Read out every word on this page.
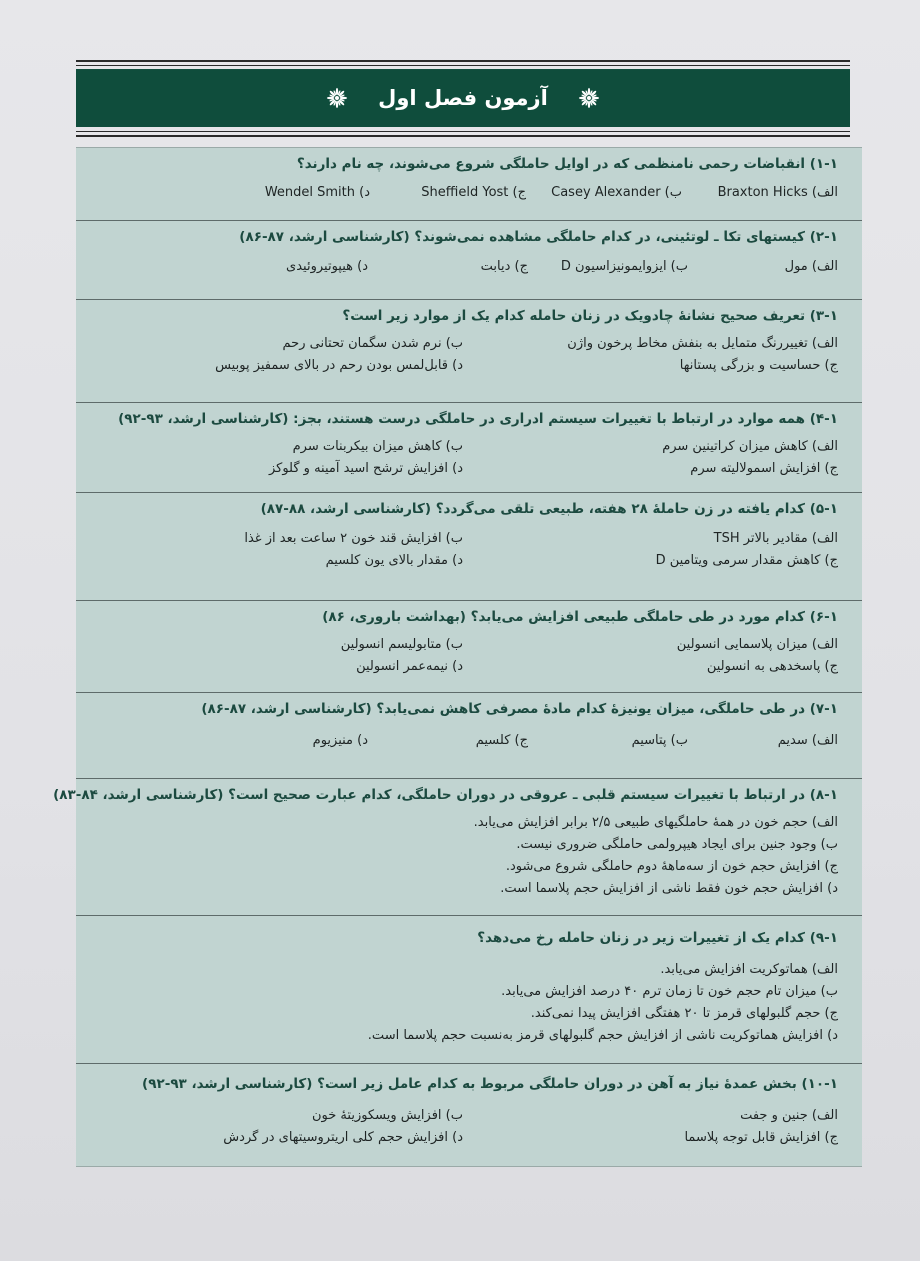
آزمون فصل اول
۱-۱) انقباضات رحمی نامنظمی که در اوایل حاملگی شروع می‌شوند، چه نام دارند؟
الف) Braxton Hicks
ب) Casey Alexander
ج) Sheffield Yost
د) Wendel Smith
۲-۱) کیستهای تکا ـ لوتئینی، در کدام حاملگی مشاهده نمی‌شوند؟ (کارشناسی ارشد، ۸۷-۸۶)
الف) مول
ب) ایزوایمونیزاسیون D
ج) دیابت
د) هیپوتیروئیدی
۳-۱) تعریف صحیح نشانهٔ چادویک در زنان حامله کدام یک از موارد زیر است؟
الف) تغییررنگ متمایل به بنفش مخاط پرخون واژن
ب) نرم شدن سگمان تحتانی رحم
ج) حساسیت و بزرگی پستانها
د) قابل‌لمس بودن رحم در بالای سمفیز پوبیس
۴-۱) همه موارد در ارتباط با تغییرات سیستم ادراری در حاملگی درست هستند، بجز: (کارشناسی ارشد، ۹۳-۹۲)
الف) کاهش میزان کراتینین سرم
ب) کاهش میزان بیکربنات سرم
ج) افزایش اسمولالیته سرم
د) افزایش ترشح اسید آمینه و گلوکز
۵-۱) کدام یافته در زن حاملهٔ ۲۸ هفته، طبیعی تلقی می‌گردد؟ (کارشناسی ارشد، ۸۸-۸۷)
الف) مقادیر بالاتر TSH
ب) افزایش قند خون ۲ ساعت بعد از غذا
ج) کاهش مقدار سرمی ویتامین D
د) مقدار بالای یون کلسیم
۶-۱) کدام مورد در طی حاملگی طبیعی افزایش می‌یابد؟ (بهداشت باروری، ۸۶)
الف) میزان پلاسمایی انسولین
ب) متابولیسم انسولین
ج) پاسخدهی به انسولین
د) نیمه‌عمر انسولین
۷-۱) در طی حاملگی، میزان یونیزهٔ کدام مادهٔ مصرفی کاهش نمی‌یابد؟ (کارشناسی ارشد، ۸۷-۸۶)
الف) سدیم
ب) پتاسیم
ج) کلسیم
د) منیزیوم
۸-۱) در ارتباط با تغییرات سیستم قلبی ـ عروقی در دوران حاملگی، کدام عبارت صحیح است؟ (کارشناسی ارشد، ۸۴-۸۳)
الف) حجم خون در همهٔ حاملگیهای طبیعی ۲/۵ برابر افزایش می‌یابد.
ب) وجود جنین برای ایجاد هیپرولمی حاملگی ضروری نیست.
ج) افزایش حجم خون از سه‌ماههٔ دوم حاملگی شروع می‌شود.
د) افزایش حجم خون فقط ناشی از افزایش حجم پلاسما است.
۹-۱) کدام یک از تغییرات زیر در زنان حامله رخ می‌دهد؟
الف) هماتوکریت افزایش می‌یابد.
ب) میزان تام حجم خون تا زمان ترم ۴۰ درصد افزایش می‌یابد.
ج) حجم گلبولهای قرمز تا ۲۰ هفتگی افزایش پیدا نمی‌کند.
د) افزایش هماتوکریت ناشی از افزایش حجم گلبولهای قرمز به‌نسبت حجم پلاسما است.
۱۰-۱) بخش عمدهٔ نیاز به آهن در دوران حاملگی مربوط به کدام عامل زیر است؟ (کارشناسی ارشد، ۹۳-۹۲)
الف) جنین و جفت
ب) افزایش ویسکوزیتهٔ خون
ج) افزایش قابل توجه پلاسما
د) افزایش حجم کلی اریتروسیتهای در گردش
